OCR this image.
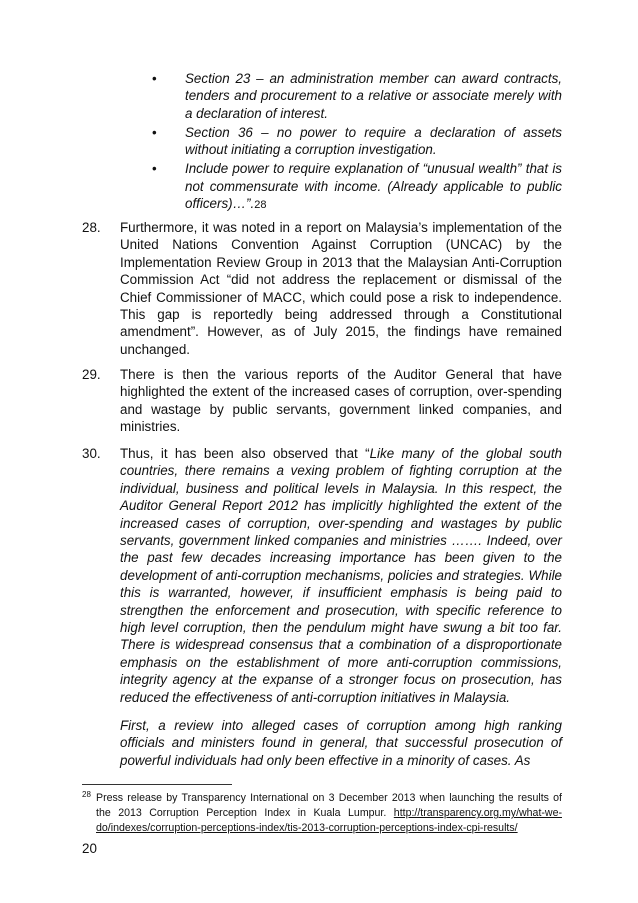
• Section 23 – an administration member can award contracts, tenders and procurement to a relative or associate merely with a declaration of interest.
• Section 36 – no power to require a declaration of assets without initiating a corruption investigation.
• Include power to require explanation of “unusual wealth” that is not commensurate with income. (Already applicable to public officers)…”.28
28. Furthermore, it was noted in a report on Malaysia’s implementation of the United Nations Convention Against Corruption (UNCAC) by the Implementation Review Group in 2013 that the Malaysian Anti-Corruption Commission Act “did not address the replacement or dismissal of the Chief Commissioner of MACC, which could pose a risk to independence. This gap is reportedly being addressed through a Constitutional amendment”. However, as of July 2015, the findings have remained unchanged.
29. There is then the various reports of the Auditor General that have highlighted the extent of the increased cases of corruption, over-spending and wastage by public servants, government linked companies, and ministries.
30. Thus, it has been also observed that “Like many of the global south countries, there remains a vexing problem of fighting corruption at the individual, business and political levels in Malaysia. In this respect, the Auditor General Report 2012 has implicitly highlighted the extent of the increased cases of corruption, over-spending and wastages by public servants, government linked companies and ministries ……. Indeed, over the past few decades increasing importance has been given to the development of anti-corruption mechanisms, policies and strategies. While this is warranted, however, if insufficient emphasis is being paid to strengthen the enforcement and prosecution, with specific reference to high level corruption, then the pendulum might have swung a bit too far. There is widespread consensus that a combination of a disproportionate emphasis on the establishment of more anti-corruption commissions, integrity agency at the expanse of a stronger focus on prosecution, has reduced the effectiveness of anti-corruption initiatives in Malaysia.

First, a review into alleged cases of corruption among high ranking officials and ministers found in general, that successful prosecution of powerful individuals had only been effective in a minority of cases. As

28 Press release by Transparency International on 3 December 2013 when launching the results of the 2013 Corruption Perception Index in Kuala Lumpur. http://transparency.org.my/what-we-do/indexes/corruption-perceptions-index/tis-2013-corruption-perceptions-index-cpi-results/
20
